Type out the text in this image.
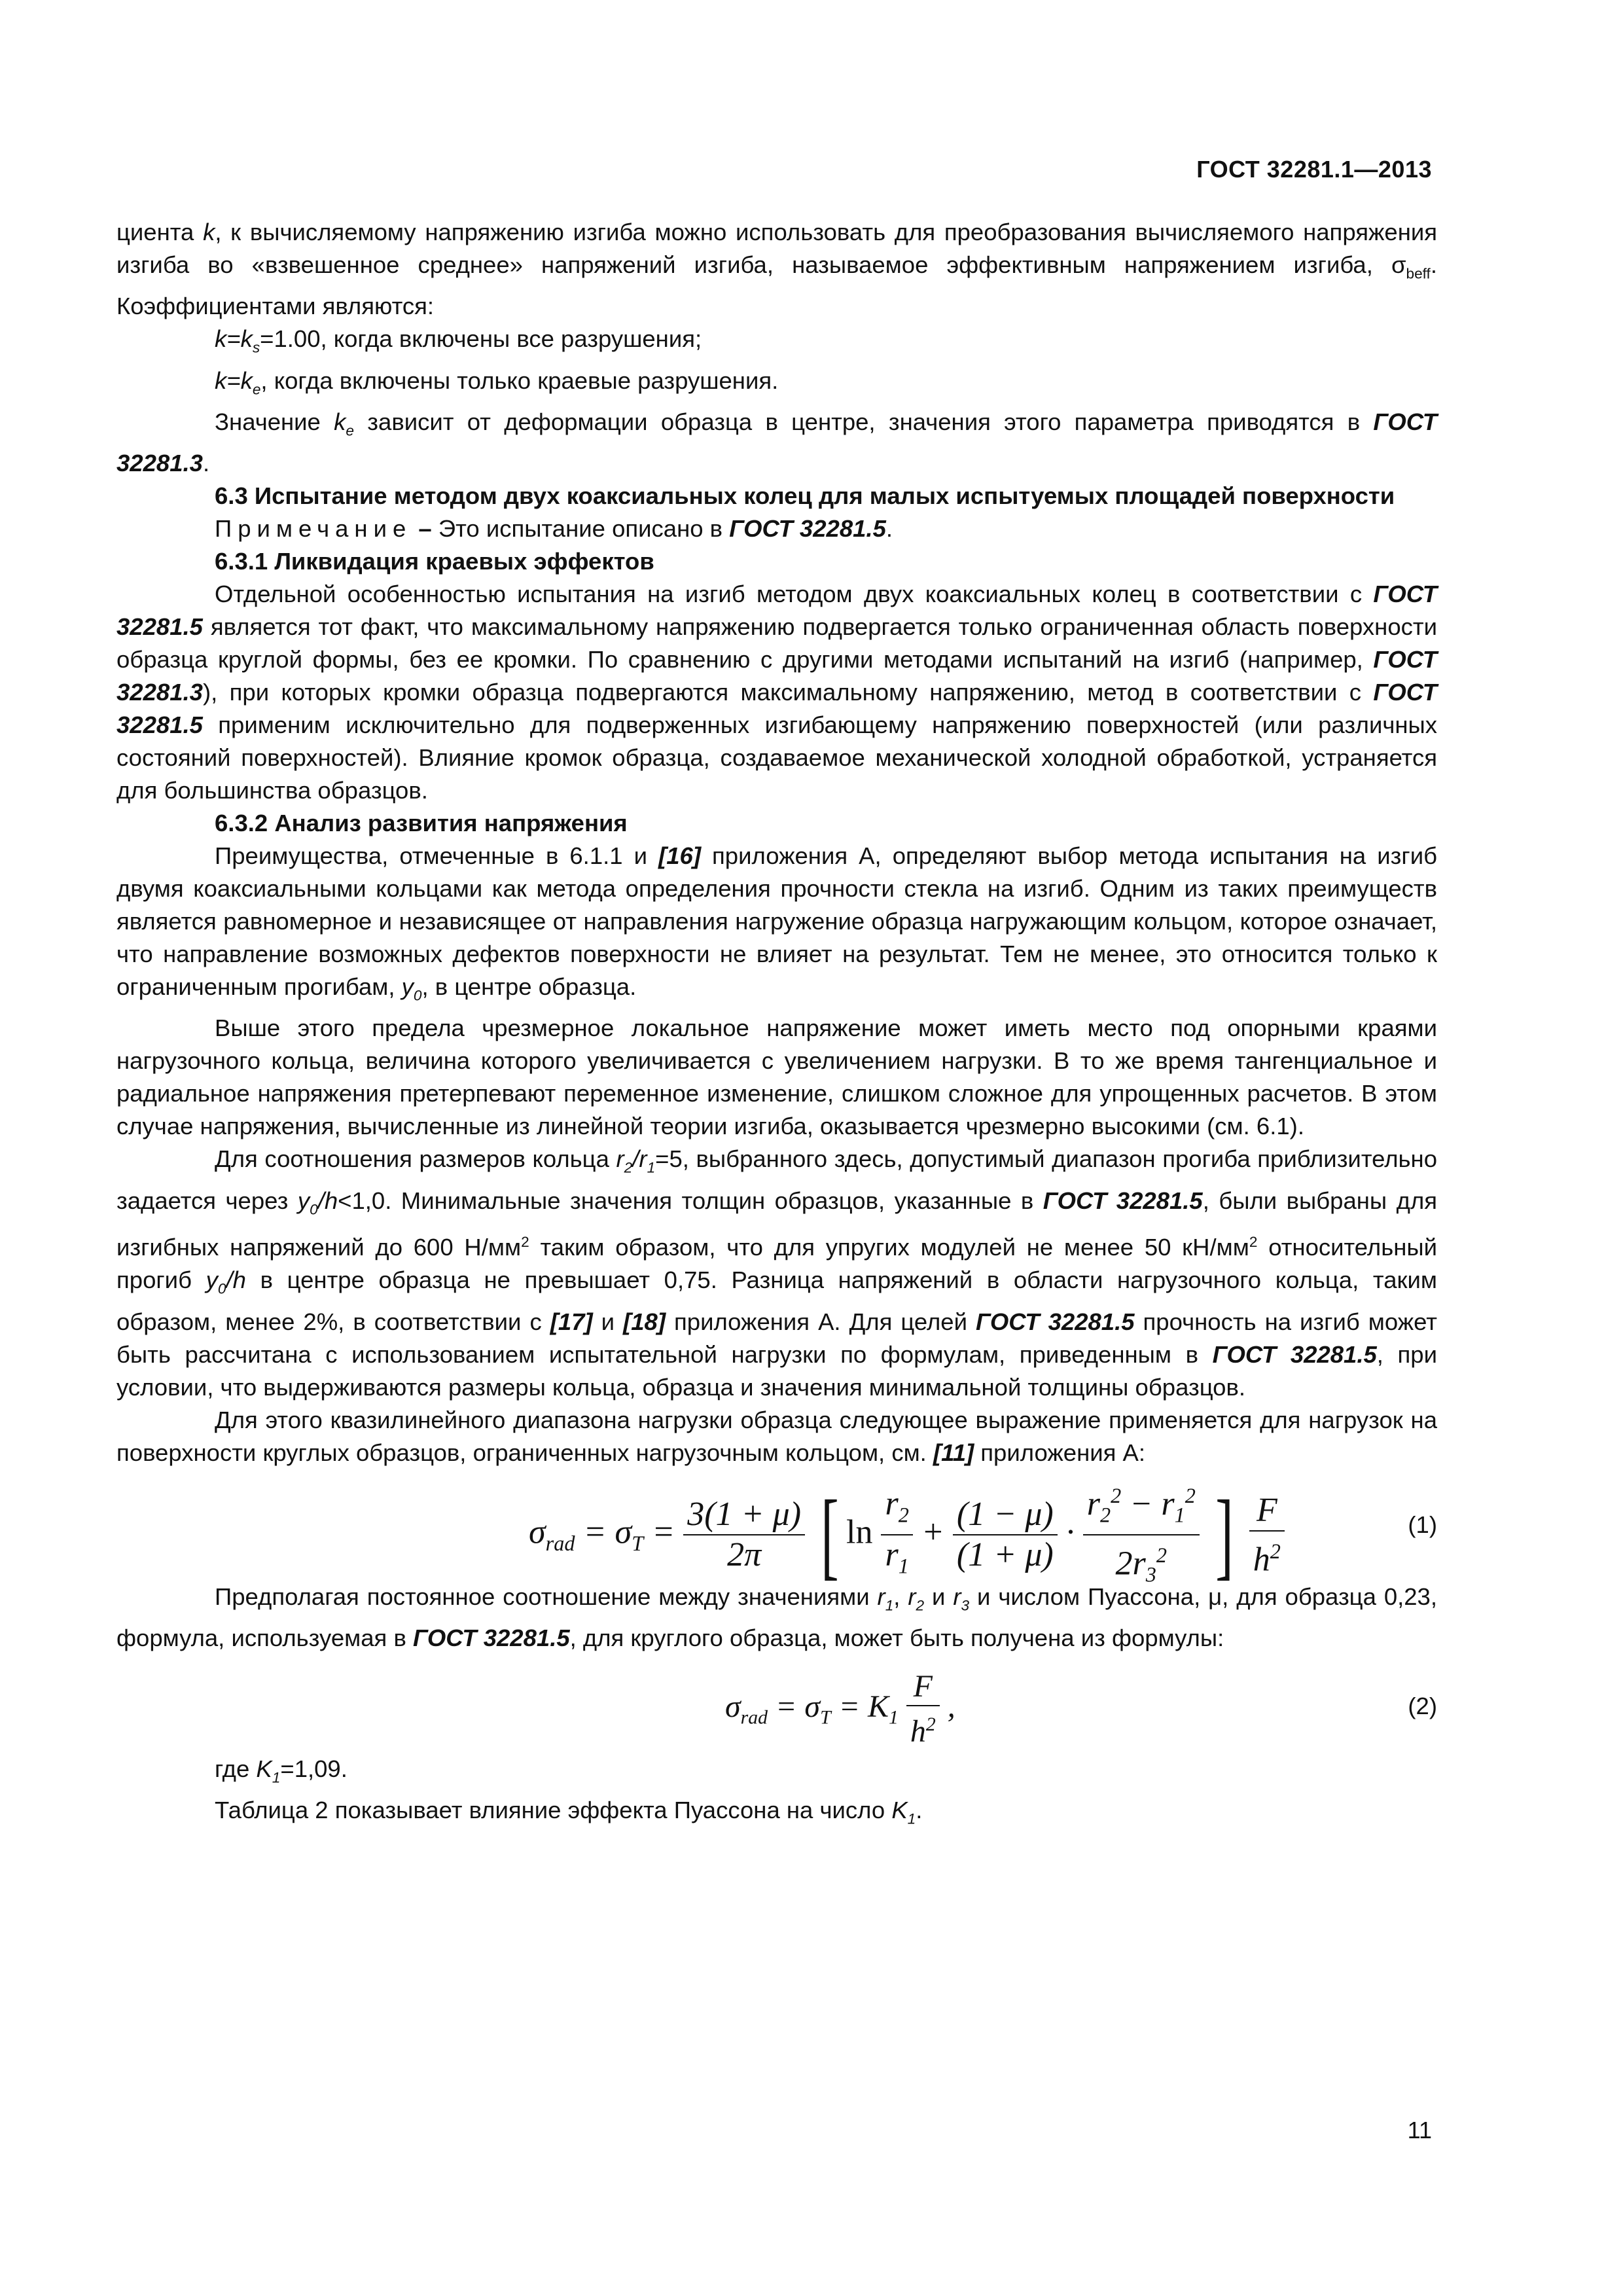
ГОСТ 32281.1—2013

циента k, к вычисляемому напряжению изгиба можно использовать для преобразования вычисляемого напряжения изгиба во «взвешенное среднее» напряжений изгиба, называемое эффективным напряжением изгиба, $\sigma_{beff}$. Коэффициентами являются:

$k=k_s=1.00$, когда включены все разрушения;

$k=k_e$, когда включены только краевые разрушения.

Значение $k_e$ зависит от деформации образца в центре, значения этого параметра приводятся в ГОСТ 32281.3.

6.3 Испытание методом двух коаксиальных колец для малых испытуемых площадей поверхности

Примечание – Это испытание описано в ГОСТ 32281.5.

6.3.1 Ликвидация краевых эффектов

Отдельной особенностью испытания на изгиб методом двух коаксиальных колец в соответствии с ГОСТ 32281.5 является тот факт, что максимальному напряжению подвергается только ограниченная область поверхности образца круглой формы, без ее кромки. По сравнению с другими методами испытаний на изгиб (например, ГОСТ 32281.3), при которых кромки образца подвергаются максимальному напряжению, метод в соответствии с ГОСТ 32281.5 применим исключительно для подверженных изгибающему напряжению поверхностей (или различных состояний поверхностей). Влияние кромок образца, создаваемое механической холодной обработкой, устраняется для большинства образцов.

6.3.2 Анализ развития напряжения

Преимущества, отмеченные в 6.1.1 и [16] приложения А, определяют выбор метода испытания на изгиб двумя коаксиальными кольцами как метода определения прочности стекла на изгиб. Одним из таких преимуществ является равномерное и независящее от направления нагружение образца нагружающим кольцом, которое означает, что направление возможных дефектов поверхности не влияет на результат. Тем не менее, это относится только к ограниченным прогибам, $y_0$, в центре образца.

Выше этого предела чрезмерное локальное напряжение может иметь место под опорными краями нагрузочного кольца, величина которого увеличивается с увеличением нагрузки. В то же время тангенциальное и радиальное напряжения претерпевают переменное изменение, слишком сложное для упрощенных расчетов. В этом случае напряжения, вычисленные из линейной теории изгиба, оказывается чрезмерно высокими (см. 6.1).

Для соотношения размеров кольца $r_2/r_1=5$, выбранного здесь, допустимый диапазон прогиба приблизительно задается через $y_0/h<1,0$. Минимальные значения толщин образцов, указанные в ГОСТ 32281.5, были выбраны для изгибных напряжений до 600 $Н/мм^2$ таким образом, что для упругих модулей не менее 50 $кН/мм^2$ относительный прогиб $y_0/h$ в центре образца не превышает 0,75. Разница напряжений в области нагрузочного кольца, таким образом, менее 2%, в соответствии с [17] и [18] приложения А. Для целей ГОСТ 32281.5 прочность на изгиб может быть рассчитана с использованием испытательной нагрузки по формулам, приведенным в ГОСТ 32281.5, при условии, что выдерживаются размеры кольца, образца и значения минимальной толщины образцов.

Для этого квазилинейного диапазона нагрузки образца следующее выражение применяется для нагрузок на поверхности круглых образцов, ограниченных нагрузочным кольцом, см. [11] приложения А:

$\sigma_{rad} = \sigma_T = \frac{3(1 + \mu)}{2\pi}$ [ $\ln \frac{r_2}{r_1} + \frac{(1 - \mu)}{(1 + \mu)} \cdot \frac{r_2^2 - r_1^2}{2r_3^2}$ ] $\frac{F}{h^2}$	(1)

Предполагая постоянное соотношение между значениями $r_1$, $r_2$ и $r_3$ и числом Пуассона, μ, для образца 0,23, формула, используемая в ГОСТ 32281.5, для круглого образца, может быть получена из формулы:

$\sigma_{rad} = \sigma_T = K_1 \frac{F}{h^2}$ ,	(2)

где $K_1=1,09$.

Таблица 2 показывает влияние эффекта Пуассона на число $K_1$.

11
